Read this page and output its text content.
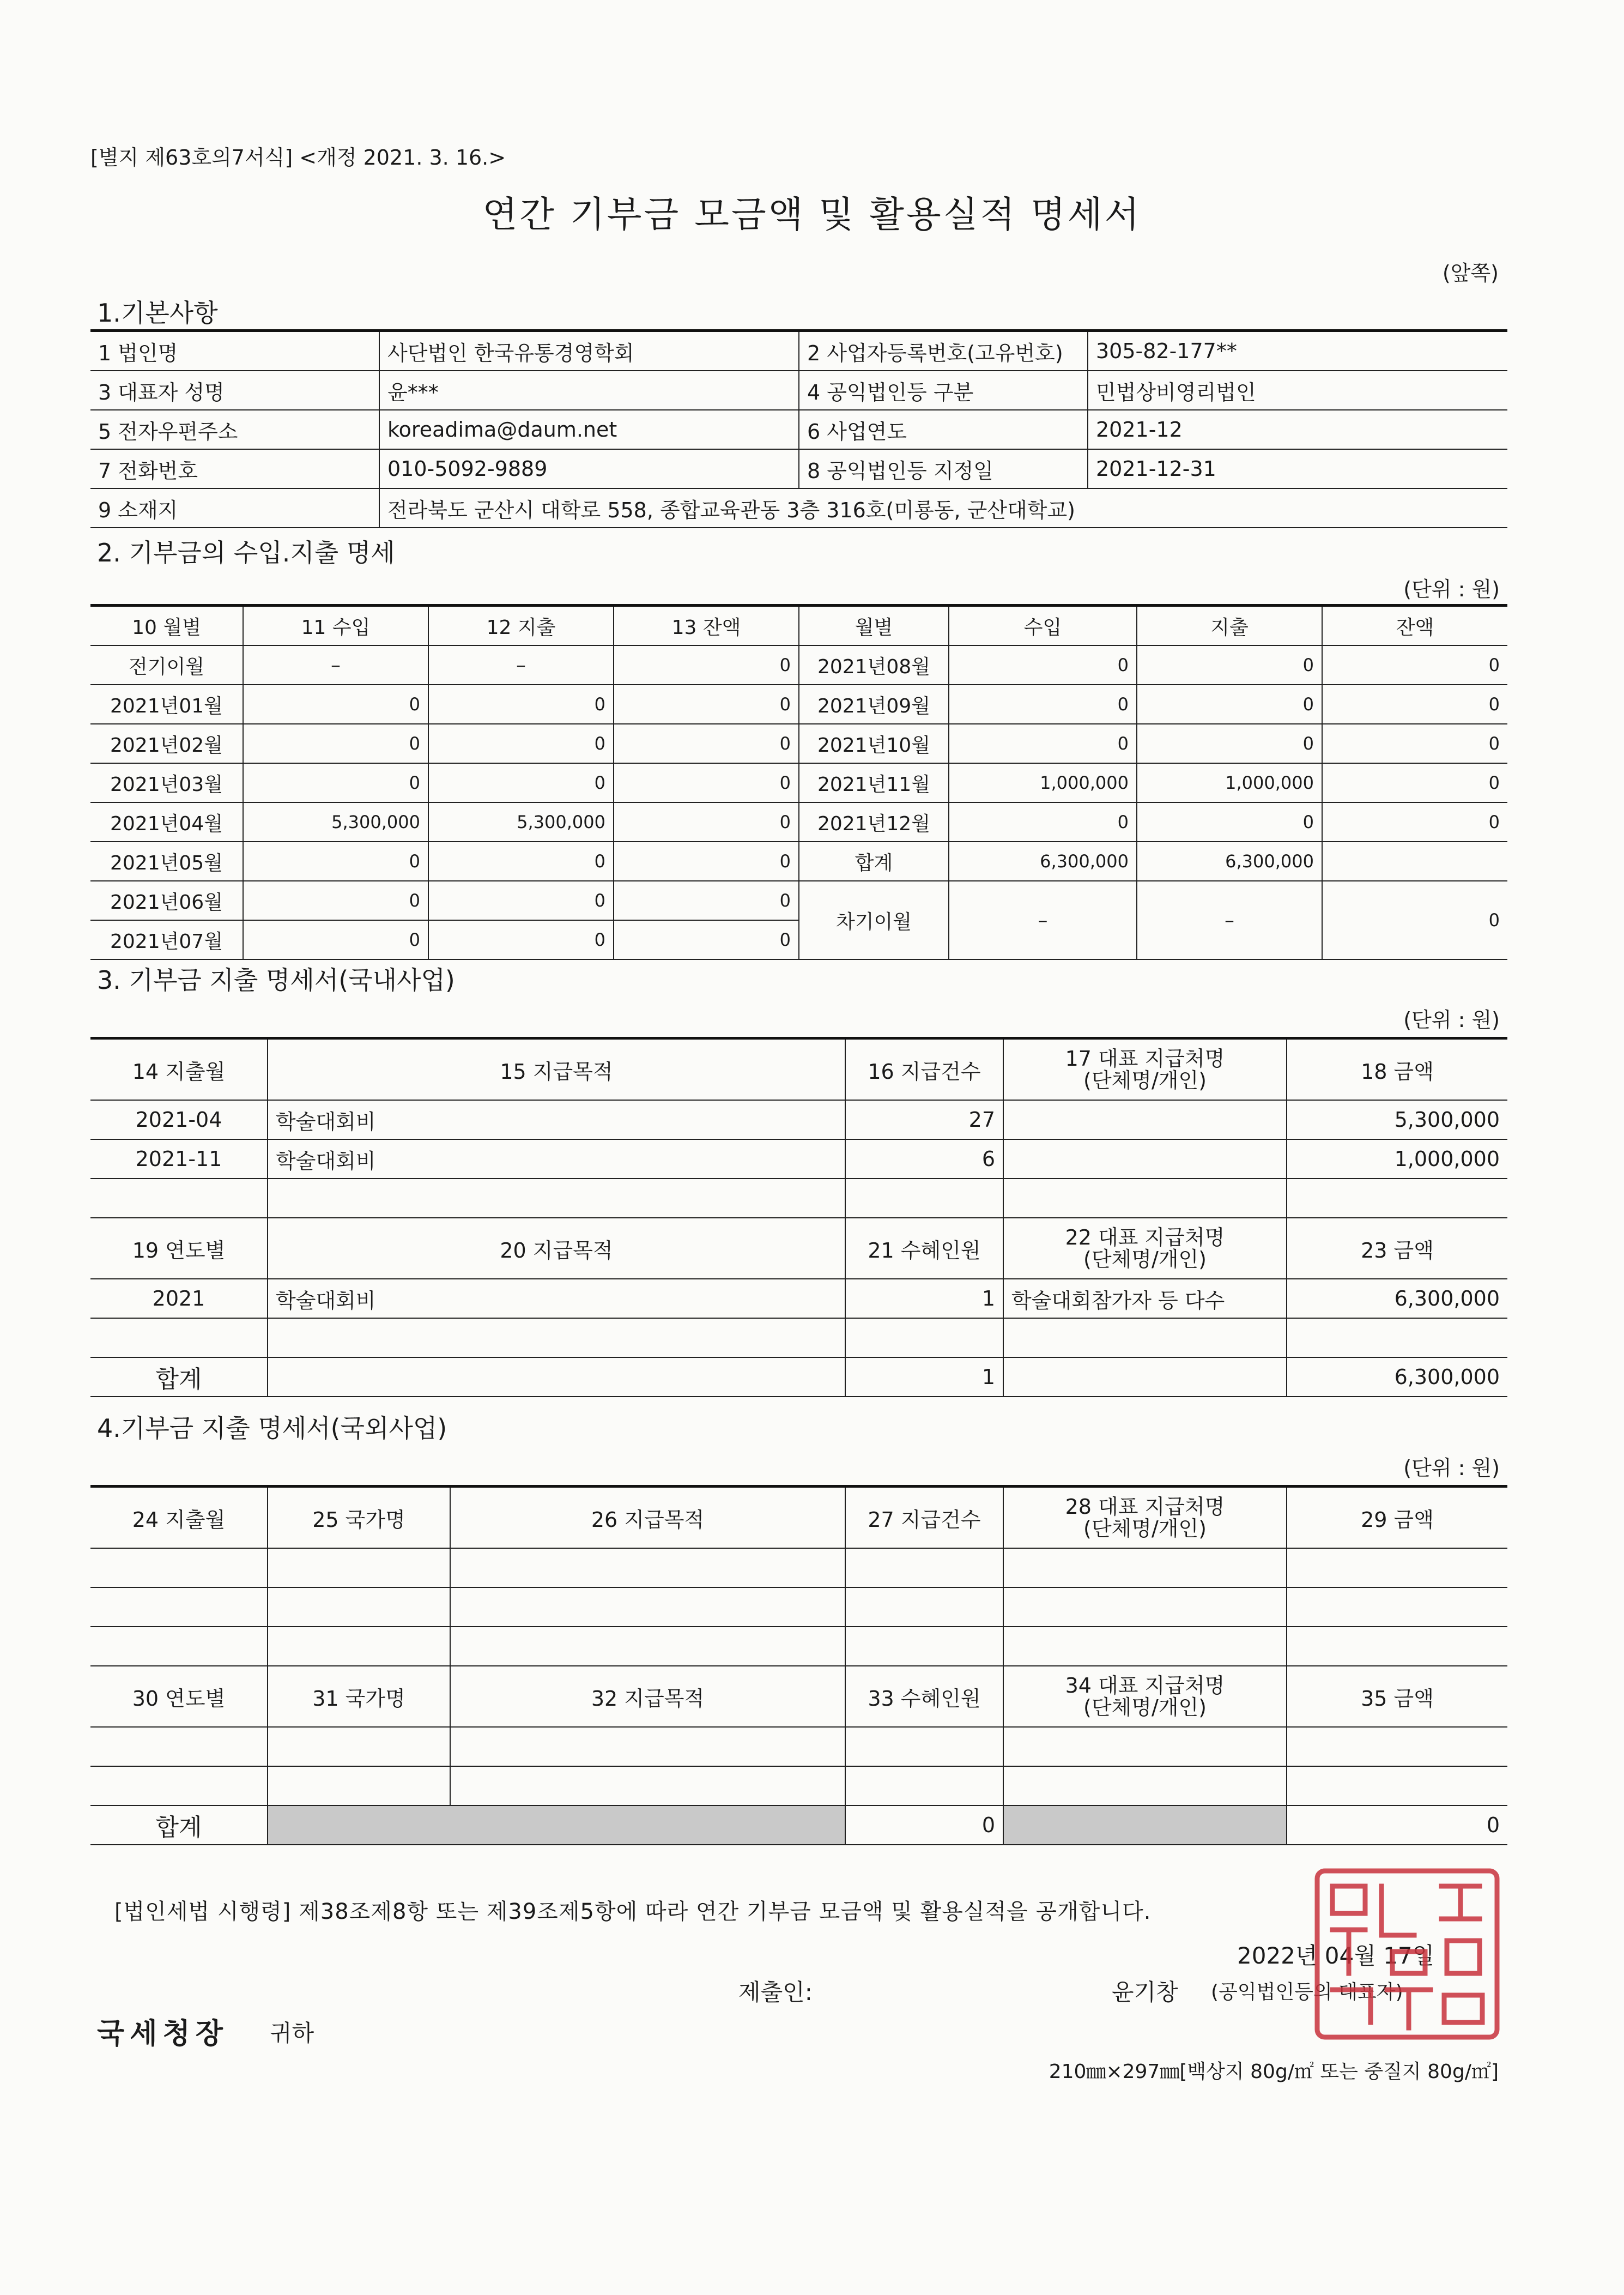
[별지 제63호의7서식] <개정 2021. 3. 16.>
연간 기부금 모금액 및 활용실적 명세서
(앞쪽)
1.기본사항
1 법인명	사단법인 한국유통경영학회	2 사업자등록번호(고유번호)	305-82-177**
3 대표자 성명	윤***	4 공익법인등 구분	민법상비영리법인
5 전자우편주소	koreadima@daum.net	6 사업연도	2021-12
7 전화번호	010-5092-9889	8 공익법인등 지정일	2021-12-31
9 소재지	전라북도 군산시 대학로 558, 종합교육관동 3층 316호(미룡동, 군산대학교)		
2. 기부금의 수입.지출 명세
(단위 : 원)
10 월별	11 수입	12 지출	13 잔액	월별	수입	지출	잔액
전기이월	–	–	0	2021년08월	0	0	0
2021년01월	0	0	0	2021년09월	0	0	0
2021년02월	0	0	0	2021년10월	0	0	0
2021년03월	0	0	0	2021년11월	1,000,000	1,000,000	0
2021년04월	5,300,000	5,300,000	0	2021년12월	0	0	0
2021년05월	0	0	0	합계	6,300,000	6,300,000	
2021년06월	0	0	0	차기이월	–	–	0
2021년07월	0	0	0				
3. 기부금 지출 명세서(국내사업)
(단위 : 원)
14 지출월	15 지급목적	16 지급건수	17 대표 지급처명
(단체명/개인)	18 금액
2021-04	학술대회비	27		5,300,000
2021-11	학술대회비	6		1,000,000

19 연도별	20 지급목적	21 수혜인원	22 대표 지급처명
(단체명/개인)	23 금액
2021	학술대회비	1	학술대회참가자 등 다수	6,300,000

합계		1		6,300,000
4.기부금 지출 명세서(국외사업)
(단위 : 원)
24 지출월	25 국가명	26 지급목적	27 지급건수	28 대표 지급처명
(단체명/개인)	29 금액

30 연도별	31 국가명	32 지급목적	33 수혜인원	34 대표 지급처명
(단체명/개인)	35 금액

합계			0		0
[법인세법 시행령] 제38조제8항 또는 제39조제5항에 따라 연간 기부금 모금액 및 활용실적을 공개합니다.
2022년 04월 17일
제출인:	윤기창 (공익법인등의 대표자)
국세청장 귀하
210㎜×297㎜[백상지 80g/㎡ 또는 중질지 80g/㎡]
